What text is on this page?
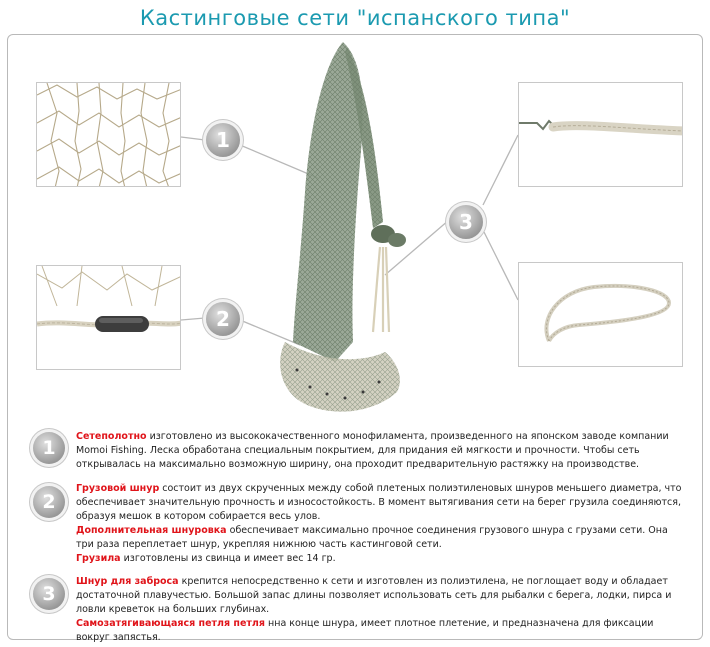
Кастинговые сети "испанского типа"
1
2
3
1

Сетеполотно изготовлено из высококачественного монофиламента, произведенного на японском заводе компании Momoi Fishing. Леска обработана специальным покрытием, для придания ей мягкости и прочности. Чтобы сеть открывалась на максимально возможную ширину, она проходит предварительную растяжку на производстве.

2

Грузовой шнур состоит из двух скрученных между собой плетеных полиэтиленовых шнуров меньшего диаметра, что обеспечивает значительную прочность и износостойкость. В момент вытягивания сети на берег грузила соединяются, образуя мешок в котором собирается весь улов.

Дополнительная шнуровка обеспечивает максимально прочное соединения грузового шнура с грузами сети. Она три раза переплетает шнур, укрепляя нижнюю часть кастинговой сети.

Грузила изготовлены из свинца и имеет вес 14 гр.

3

Шнур для заброса крепится непосредственно к сети и изготовлен из полиэтилена, не поглощает воду и обладает достаточной плавучестью. Большой запас длины позволяет использовать сеть для рыбалки с берега, лодки, пирса и ловли креветок на больших глубинах.

Самозатягивающаяся петля петля нна конце шнура, имеет плотное плетение, и предназначена для фиксации вокруг запястья.
